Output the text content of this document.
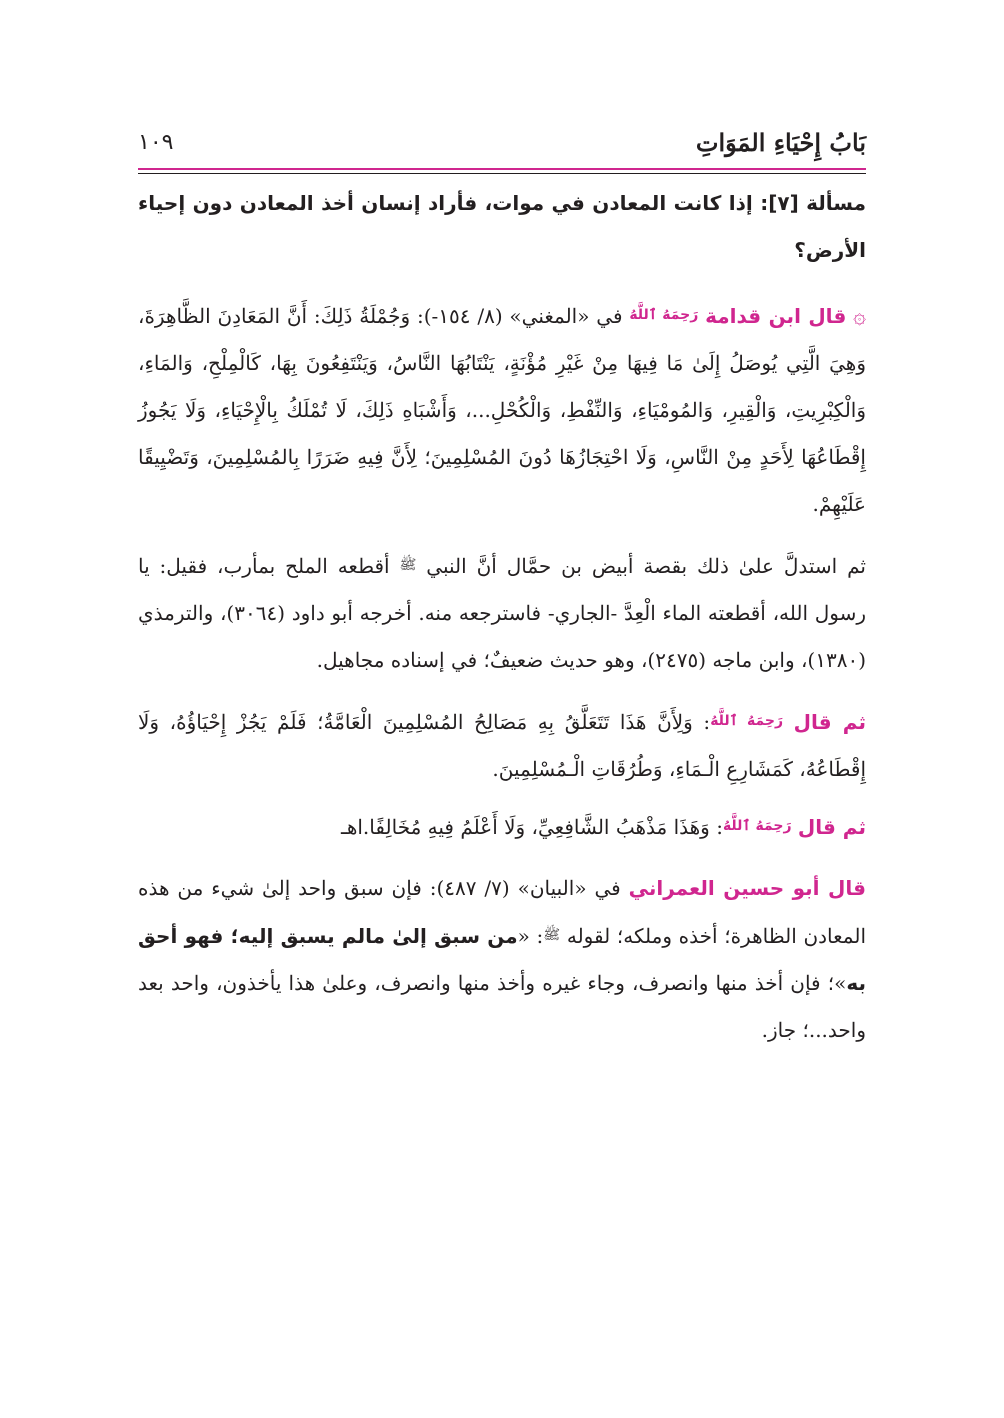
بَابُ إِحْيَاءِ المَوَاتِ
١٠٩

مسألة [٧]: إذا كانت المعادن في موات، فأراد إنسان أخذ المعادن دون إحياء الأرض؟

۞ قال ابن قدامة $^{رَحِمَهُ ٱللَّهُ}$ في «المغني» (٨/ ١٥٤-): وَجُمْلَةُ ذَلِكَ: أَنَّ المَعَادِنَ الظَّاهِرَةَ، وَهِيَ الَّتِي يُوصَلُ إِلَىٰ مَا فِيهَا مِنْ غَيْرِ مُؤْنَةٍ، يَنْتَابُهَا النَّاسُ، وَيَنْتَفِعُونَ بِهَا، كَالْمِلْحِ، وَالمَاءِ، وَالْكِبْرِيتِ، وَالْقِيرِ، وَالمُومْيَاءِ، وَالنِّفْطِ، وَالْكُحْلِ...، وَأَشْبَاهِ ذَلِكَ، لَا تُمْلَكُ بِالْإِحْيَاءِ، وَلَا يَجُوزُ إِقْطَاعُهَا لِأَحَدٍ مِنْ النَّاسِ، وَلَا احْتِجَازُهَا دُونَ المُسْلِمِينَ؛ لِأَنَّ فِيهِ ضَرَرًا بِالمُسْلِمِينَ، وَتَضْيِيقًا عَلَيْهِمْ.

ثم استدلَّ علىٰ ذلك بقصة أبيض بن حمَّال أنَّ النبي $^ﷺ$ أقطعه الملح بمأرب، فقيل: يا رسول الله، أقطعته الماء الْعِدَّ -الجاري- فاسترجعه منه. أخرجه أبو داود (٣٠٦٤)، والترمذي (١٣٨٠)، وابن ماجه (٢٤٧٥)، وهو حديث ضعيفٌ؛ في إسناده مجاهيل.

ثم قال $^{رَحِمَهُ ٱللَّهُ}$: وَلِأَنَّ هَذَا تَتَعَلَّقُ بِهِ مَصَالِحُ المُسْلِمِينَ الْعَامَّةُ؛ فَلَمْ يَجُزْ إِحْيَاؤُهُ، وَلَا إِقْطَاعُهُ، كَمَشَارِعِ الْـمَاءِ، وَطُرُقَاتِ الْـمُسْلِمِينَ.

ثم قال $^{رَحِمَهُ ٱللَّهُ}$: وَهَذَا مَذْهَبُ الشَّافِعِيِّ، وَلَا أَعْلَمُ فِيهِ مُخَالِفًا.اهـ

قال أبو حسين العمراني في «البيان» (٧/ ٤٨٧): فإن سبق واحد إلىٰ شيء من هذه المعادن الظاهرة؛ أخذه وملكه؛ لقوله $^ﷺ$: «من سبق إلىٰ مالم يسبق إليه؛ فهو أحق به»؛ فإن أخذ منها وانصرف، وجاء غيره وأخذ منها وانصرف، وعلىٰ هذا يأخذون، واحد بعد واحد...؛ جاز.
